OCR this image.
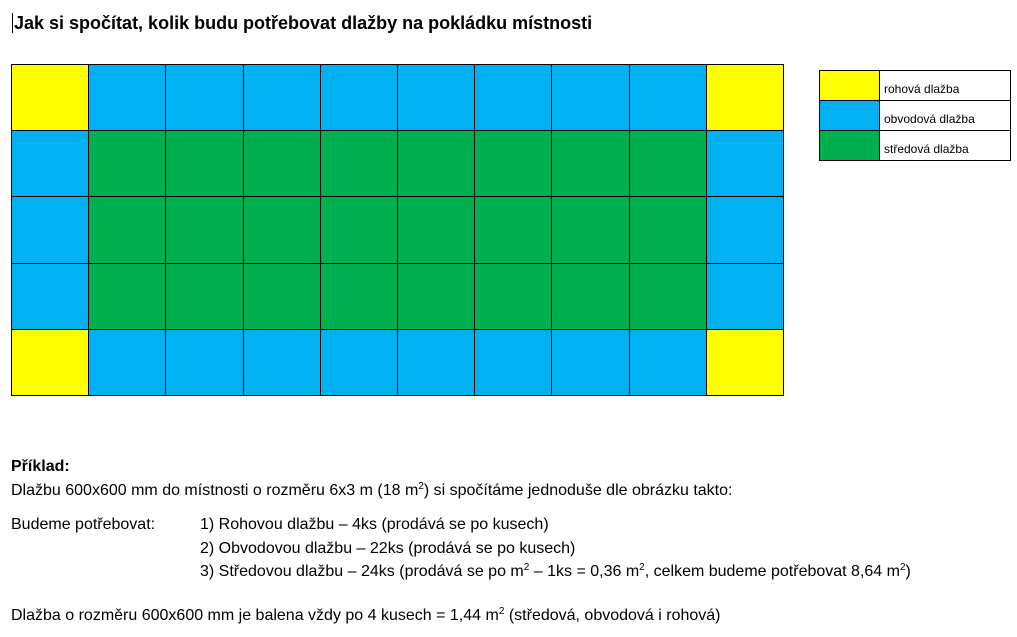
Jak si spočítat, kolik budu potřebovat dlažby na pokládku místnosti
rohová dlažba
obvodová dlažba
středová dlažba
Příklad:
Dlažbu 600x600 mm do místnosti o rozměru 6x3 m (18 $m^2$) si spočítáme jednoduše dle obrázku takto:
Budeme potřebovat:	1) Rohovou dlažbu – 4ks (prodává se po kusech)
2) Obvodovou dlažbu – 22ks (prodává se po kusech)
3) Středovou dlažbu – 24ks (prodává se po $m^2 - 1ks = 0,36$ $m^2$, celkem budeme potřebovat 8,64 $m^2$)
Dlažba o rozměru 600x600 mm je balena vždy po 4 kusech = 1,44 $m^2$ (středová, obvodová i rohová)
